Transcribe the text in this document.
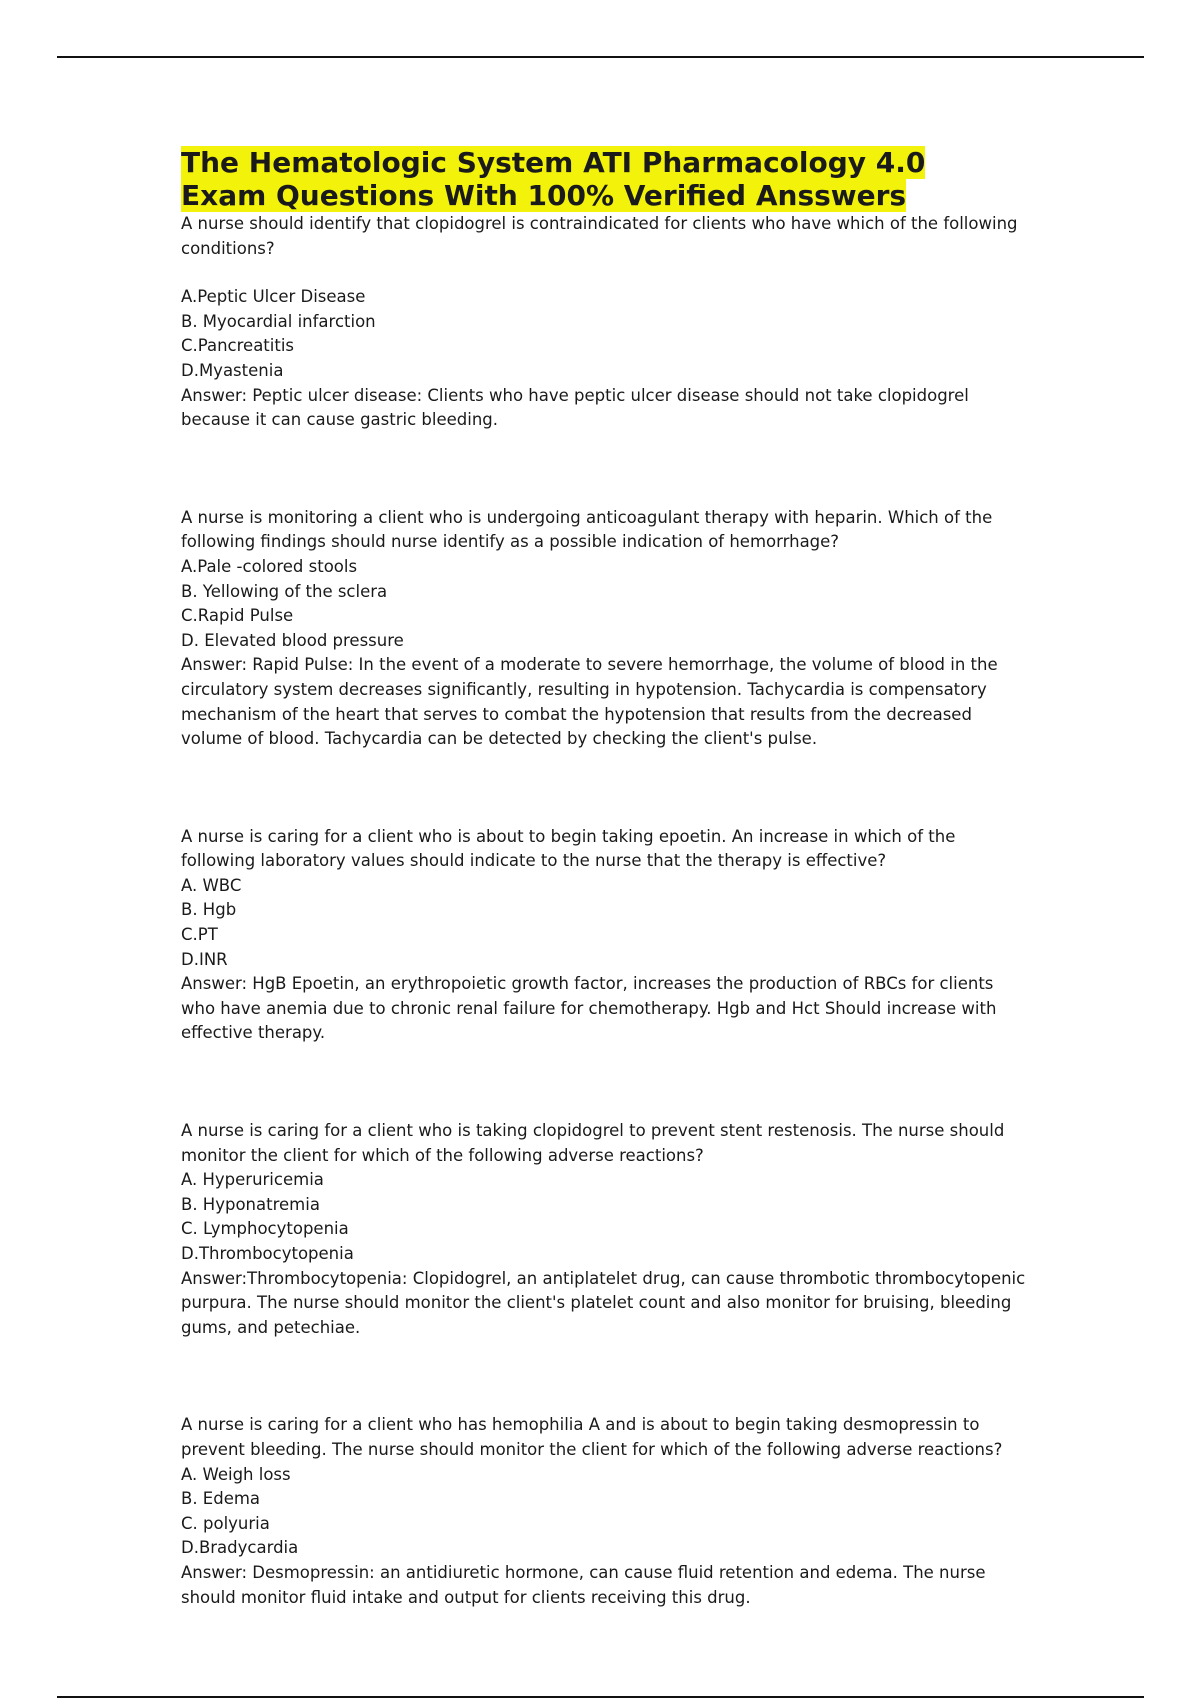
The Hematologic System ATI Pharmacology 4.0
Exam Questions With 100% Verified Ansswers

A nurse should identify that clopidogrel is contraindicated for clients who have which of the following conditions?

A.Peptic Ulcer Disease

B. Myocardial infarction

C.Pancreatitis

D.Myastenia

Answer: Peptic ulcer disease: Clients who have peptic ulcer disease should not take clopidogrel because it can cause gastric bleeding.

A nurse is monitoring a client who is undergoing anticoagulant therapy with heparin. Which of the following findings should nurse identify as a possible indication of hemorrhage?

A.Pale -colored stools

B. Yellowing of the sclera

C.Rapid Pulse

D. Elevated blood pressure

Answer: Rapid Pulse: In the event of a moderate to severe hemorrhage, the volume of blood in the circulatory system decreases significantly, resulting in hypotension. Tachycardia is compensatory mechanism of the heart that serves to combat the hypotension that results from the decreased volume of blood. Tachycardia can be detected by checking the client's pulse.

A nurse is caring for a client who is about to begin taking epoetin. An increase in which of the following laboratory values should indicate to the nurse that the therapy is effective?

A. WBC

B. Hgb

C.PT

D.INR

Answer: HgB Epoetin, an erythropoietic growth factor, increases the production of RBCs for clients who have anemia due to chronic renal failure for chemotherapy. Hgb and Hct Should increase with effective therapy.

A nurse is caring for a client who is taking clopidogrel to prevent stent restenosis. The nurse should monitor the client for which of the following adverse reactions?

A. Hyperuricemia

B. Hyponatremia

C. Lymphocytopenia

D.Thrombocytopenia

Answer:Thrombocytopenia: Clopidogrel, an antiplatelet drug, can cause thrombotic thrombocytopenic purpura. The nurse should monitor the client's platelet count and also monitor for bruising, bleeding gums, and petechiae.

A nurse is caring for a client who has hemophilia A and is about to begin taking desmopressin to prevent bleeding. The nurse should monitor the client for which of the following adverse reactions?

A. Weigh loss

B. Edema

C. polyuria

D.Bradycardia

Answer: Desmopressin: an antidiuretic hormone, can cause fluid retention and edema. The nurse should monitor fluid intake and output for clients receiving this drug.
